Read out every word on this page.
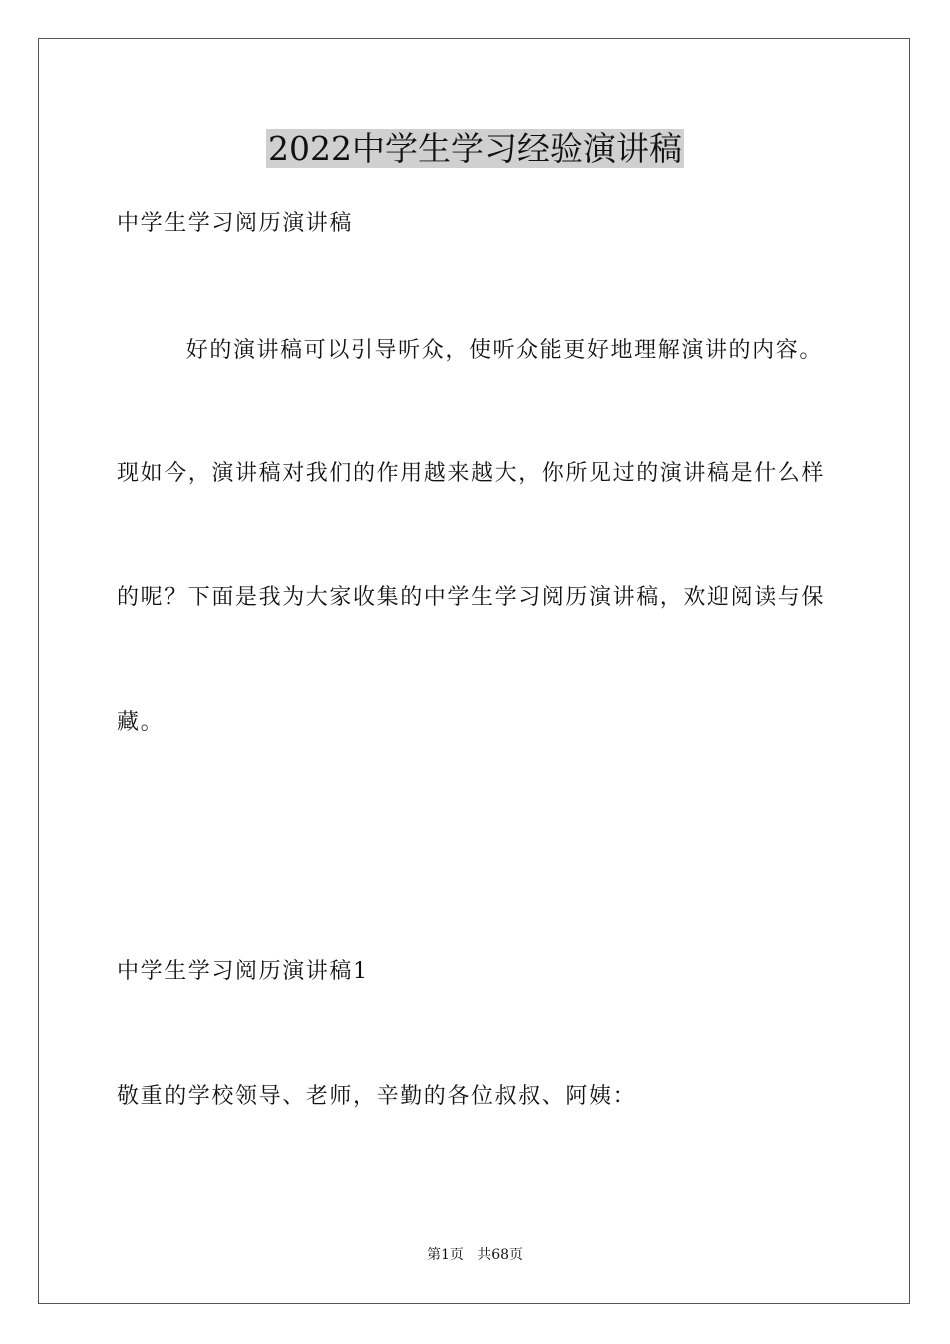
2022中学生学习经验演讲稿
中学生学习阅历演讲稿
好的演讲稿可以引导听众，使听众能更好地理解演讲的内容。
现如今，演讲稿对我们的作用越来越大，你所见过的演讲稿是什么样
的呢？下面是我为大家收集的中学生学习阅历演讲稿，欢迎阅读与保
藏。
中学生学习阅历演讲稿1
敬重的学校领导、老师，辛勤的各位叔叔、阿姨：
第1页   共68页
